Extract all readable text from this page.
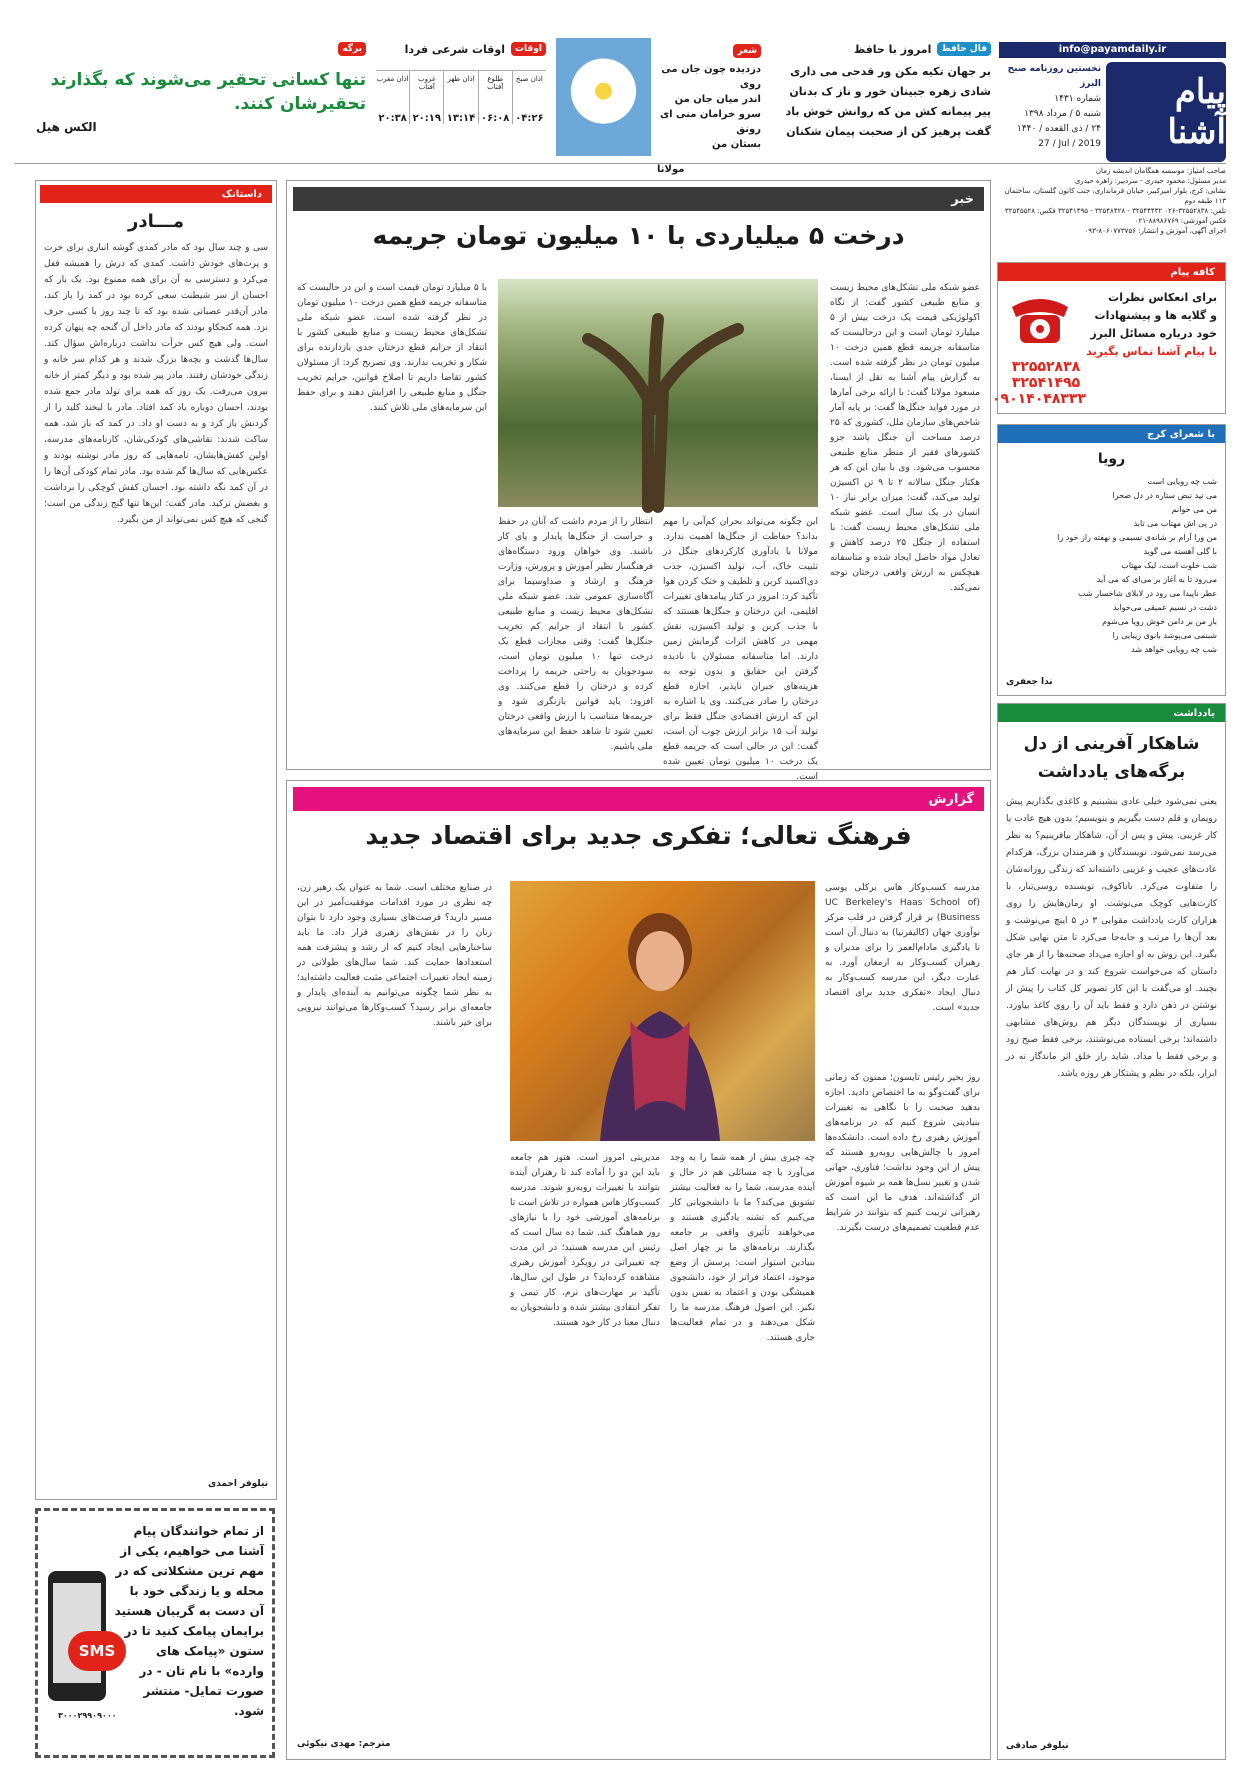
info@payamdaily.ir
پیام آشنا
نخستین روزنامه صبح البرز
شماره ۱۴۳۱
شنبه ۵ / مرداد ۱۳۹۸
۲۴ / ذی القعده / ۱۴۴۰
27 / Jul / 2019
صاحب امتیاز: موسسه همگامان اندیشه زمان
مدیر مسئول: محمود حیدری - سردبیر: زاهره حیدری
نشانی: کرج، بلوار امیرکبیر، خیابان فرمانداری، جنب کانون گلستان، ساختمان ۱۱۳ طبقه دوم
تلفن: ۳۲۵۵۲۸۳۸-۰۲۶ ۳۲۵۴۴۴۳۲ - ۳۲۵۴۸۴۲۸ - ۳۲۵۴۱۴۹۵ فکس: ۳۲۵۴۵۵۲۸
فکس آموزشی: ۸۸۹۸۶۷۶۹-۰۲۱
اجرای آگهی، آموزش و انتشار: ۸۰۶۰۷۷۳۷۵۶-۰۹۳
فال حافظ
امروز با حافظ
بر جهان تکیه مکن ور قدحی می داری
شادی زهره جبینان خور و ناز ک بدنان
پیر پیمانه کش من که روانش خوش باد
گفت پرهیز کن از صحبت پیمان شکنان
شعر
دزدیده چون جان می روی
اندر میان جان من
سرو خرامان منی ای رونق
بستان من
مولانا
اوقات
اوقات شرعی فردا
اذان صبح
۰۴:۲۶
طلوع آفتاب
۰۶:۰۸
اذان ظهر
۱۳:۱۴
غروب آفتاب
۲۰:۱۹
اذان مغرب
۲۰:۳۸
برگه
تنها کسانی تحقیر می‌شوند که بگذارند تحقیرشان کنند.
الکس هیل
کافه پیام
برای انعکاس نظرات
و گلایه ها و پیشنهادات
خود درباره مسائل البرز
با پیام آشنا تماس بگیرید
۳۲۵۵۲۸۳۸
۳۲۵۴۱۴۹۵
۰۹۰۱۴۰۴۸۳۳۳
با شعرای کرج
رویا
شب چه رویایی است
می تپد نبض ستاره در دل صحرا
من می خوانم
در پی اش مهتاب می تابد
من ورا آرام بر شانه‌ی نسیمی و نهفته راز خود را
با گلی آهسته می گوید
شب خلوت است، لیک مهتاب
می‌رود تا به آغاز بر می‌ای که می آید
عطر ناپیدا می رود در لابلای شاخسار شب
دشت در نسیم عمیقی می‌خوابد
باز من بر دامن خوش رویا می‌شوم
شبنمی می‌پوشد بانوی زیبایی را
شب چه رویایی خواهد شد
ندا جعفری
یادداشت
شاهکار آفرینی از دل برگه‌های یادداشت
یعنی نمی‌شود خیلی عادی بنشینیم و کاغذی بگذاریم پیش رویمان و قلم دست بگیریم و بنویسیم؛ بدون هیچ عادت یا کار غریبی. پیش و پس از آن، شاهکار بیافرینیم؟ به نظر می‌رسد نمی‌شود. نویسندگان و هنرمندان بزرگ، هرکدام عادت‌های عجیب و غریبی داشته‌اند که زندگی روزانه‌شان را متفاوت می‌کرد. ناباکوف، نویسنده روسی‌تبار، با کارت‌هایی کوچک می‌نوشت. او رمان‌هایش را روی هزاران کارت یادداشت مقوایی ۳ در ۵ اینچ می‌نوشت و بعد آن‌ها را مرتب و جابه‌جا می‌کرد تا متن نهایی شکل بگیرد. این روش به او اجازه می‌داد صحنه‌ها را از هر جای داستان که می‌خواست شروع کند و در نهایت کنار هم بچیند. او می‌گفت با این کار تصویر کل کتاب را پیش از نوشتن در ذهن دارد و فقط باید آن را روی کاغذ بیاورد. بسیاری از نویسندگان دیگر هم روش‌های مشابهی داشته‌اند؛ برخی ایستاده می‌نوشتند، برخی فقط صبح زود و برخی فقط با مداد. شاید راز خلق اثر ماندگار نه در ابزار، بلکه در نظم و پشتکار هر روزه باشد.
نیلوفر صادقی
خبر
درخت ۵ میلیاردی با ۱۰ میلیون تومان جریمه
عضو شبکه ملی تشکل‌های محیط زیست و منابع طبیعی کشور گفت: از نگاه اکولوژیکی قیمت یک درخت بیش از ۵ میلیارد تومان است و این درحالیست که متاسفانه جریمه قطع همین درخت ۱۰ میلیون تومان در نظر گرفته شده است. به گزارش پیام آشنا به نقل از ایسنا، مسعود مولانا گفت: با ارائه برخی آمارها در مورد فواید جنگل‌ها گفت: بر پایه آمار شاخص‌های سازمان ملل، کشوری که ۲۵ درصد مساحت آن جنگل باشد جزو کشورهای فقیر از منظر منابع طبیعی محسوب می‌شود. وی با بیان این که هر هکتار جنگل سالانه ۲ تا ۹ تن اکسیژن تولید می‌کند، گفت: میزان برابر نیاز ۱۰ انسان در یک سال است. عضو شبکه ملی تشکل‌های محیط زیست گفت: با استفاده از جنگل ۲۵ درصد کاهش و تعادل مواد حاصل ایجاد شده و متاسفانه هیچکس به ارزش واقعی درختان توجه نمی‌کند.
این چگونه می‌تواند بحران کم‌آبی را مهم بداند؟ حفاظت از جنگل‌ها اهمیت ندارد. مولانا با یادآوری کارکردهای جنگل در تثبیت خاک، آب، تولید اکسیژن، جذب دی‌اکسید کربن و تلطیف و خنک کردن هوا تأکید کرد: امروز در کنار پیامدهای تغییرات اقلیمی، این درختان و جنگل‌ها هستند که با جذب کربن و تولید اکسیژن، نقش مهمی در کاهش اثرات گرمایش زمین دارند. اما متاسفانه مسئولان با نادیده گرفتن این حقایق و بدون توجه به هزینه‌های جبران ناپذیر، اجازه قطع درختان را صادر می‌کنند. وی با اشاره به این که ارزش اقتصادی جنگل فقط برای تولید آب ۱۵ برابر ارزش چوب آن است، گفت: این در حالی است که جریمه قطع یک درخت ۱۰ میلیون تومان تعیین شده است.
انتظار را از مردم داشت که آنان در حفظ و حراست از جنگل‌ها پایدار و پای کار باشند. وی خواهان ورود دستگاه‌های فرهنگساز نظیر آموزش و پرورش، وزارت فرهنگ و ارشاد و صداوسیما برای آگاه‌سازی عمومی شد. عضو شبکه ملی تشکل‌های محیط زیست و منابع طبیعی کشور با انتقاد از جرایم کم تخریب جنگل‌ها گفت: وقتی مجازات قطع یک درخت تنها ۱۰ میلیون تومان است، سودجویان به راحتی جریمه را پرداخت کرده و درختان را قطع می‌کنند. وی افزود: باید قوانین بازنگری شود و جریمه‌ها متناسب با ارزش واقعی درختان تعیین شود تا شاهد حفظ این سرمایه‌های ملی باشیم.
با ۵ میلیارد تومان قیمت است و این در حالیست که متاسفانه جریمه قطع همین درخت ۱۰ میلیون تومان در نظر گرفته شده است. عضو شبکه ملی تشکل‌های محیط زیست و منابع طبیعی کشور با انتقاد از جرایم قطع درختان حدی بازدارنده برای شکار و تخریب ندارند. وی تصریح کرد: از مسئولان کشور تقاضا داریم تا اصلاح قوانین، جرایم تخریب جنگل و منابع طبیعی را افزایش دهند و برای حفظ این سرمایه‌های ملی تلاش کنند.
گزارش
فرهنگ تعالی؛ تفکری جدید برای اقتصاد جدید
مدرسه کسب‌وکار هاس برکلی یوسی (UC Berkeley's Haas School of Business) بر قرار گرفتن در قلب مرکز نوآوری جهان (کالیفرنیا) به دنبال آن است تا یادگیری مادام‌العمر را برای مدیران و رهبران کسب‌وکار به ارمغان آورد. به عبارت دیگر، این مدرسه کسب‌وکار به دنبال ایجاد «تفکری جدید برای اقتصاد جدید» است.
روز بخیر رئیس تایسون؛ ممنون که زمانی برای گفت‌وگو به ما اختصاص دادید. اجازه بدهید صحبت را با نگاهی به تغییرات بنیادینی شروع کنیم که در برنامه‌های آموزش رهبری رخ داده است. دانشکده‌ها امروز با چالش‌هایی روبه‌رو هستند که پیش از این وجود نداشت؛ فناوری، جهانی شدن و تغییر نسل‌ها همه بر شیوه آموزش اثر گذاشته‌اند. هدف ما این است که رهبرانی تربیت کنیم که بتوانند در شرایط عدم قطعیت تصمیم‌های درست بگیرند.
چه چیزی بیش از همه شما را به وجد می‌آورد یا چه مسائلی هم در حال و آینده مدرسه، شما را به فعالیت بیشتر تشویق می‌کند؟ ما با دانشجویانی کار می‌کنیم که تشنه یادگیری هستند و می‌خواهند تأثیری واقعی بر جامعه بگذارند. برنامه‌های ما بر چهار اصل بنیادین استوار است: پرسش از وضع موجود، اعتماد فراتر از خود، دانشجوی همیشگی بودن و اعتماد به نفس بدون تکبر. این اصول فرهنگ مدرسه ما را شکل می‌دهند و در تمام فعالیت‌ها جاری هستند.
مدیریتی امروز است. هنوز هم جامعه باید این دو را آماده کند تا رهبران آینده بتوانند با تغییرات روبه‌رو شوند. مدرسه کسب‌وکار هاس همواره در تلاش است تا برنامه‌های آموزشی خود را با نیازهای روز هماهنگ کند. شما ده سال است که رئیس این مدرسه هستید؛ در این مدت چه تغییراتی در رویکرد آموزش رهبری مشاهده کرده‌اید؟ در طول این سال‌ها، تأکید بر مهارت‌های نرم، کار تیمی و تفکر انتقادی بیشتر شده و دانشجویان به دنبال معنا در کار خود هستند.
در صنایع مختلف است. شما به عنوان یک رهبر زن، چه نظری در مورد اقدامات موفقیت‌آمیز در این مسیر دارید؟ فرصت‌های بسیاری وجود دارد تا بتوان زنان را در نقش‌های رهبری قرار داد. ما باید ساختارهایی ایجاد کنیم که از رشد و پیشرفت همه استعدادها حمایت کند. شما سال‌های طولانی در زمینه ایجاد تغییرات اجتماعی مثبت فعالیت داشته‌اید؛ به نظر شما چگونه می‌توانیم به آینده‌ای پایدار و جامعه‌ای برابر رسید؟ کسب‌وکارها می‌توانند نیرویی برای خیر باشند.
مترجم: مهدی نیکوئی
داستانک
مـــادر
سی و چند سال بود که مادر کمدی گوشه انباری برای خرت و پرت‌های خودش داشت. کمدی که درش را همیشه قفل می‌کرد و دسترسی به آن برای همه ممنوع بود. یک بار که احسان از سر شیطنت سعی کرده بود در کمد را باز کند، مادر آن‌قدر عصبانی شده بود که تا چند روز با کسی حرف نزد. همه کنجکاو بودند که مادر داخل آن گنجه چه پنهان کرده است. ولی هیچ کس جرأت نداشت درباره‌اش سؤال کند. سال‌ها گذشت و بچه‌ها بزرگ شدند و هر کدام سر خانه و زندگی خودشان رفتند. مادر پیر شده بود و دیگر کمتر از خانه بیرون می‌رفت. یک روز که همه برای تولد مادر جمع شده بودند، احسان دوباره یاد کمد افتاد. مادر با لبخند کلید را از گردنش باز کرد و به دست او داد. در کمد که باز شد، همه ساکت شدند: نقاشی‌های کودکی‌شان، کارنامه‌های مدرسه، اولین کفش‌هایشان، نامه‌هایی که روز مادر نوشته بودند و عکس‌هایی که سال‌ها گم شده بود. مادر تمام کودکی آن‌ها را در آن کمد نگه داشته بود. احسان کفش کوچکی را برداشت و بغضش ترکید. مادر گفت: این‌ها تنها گنج زندگی من است؛ گنجی که هیچ کس نمی‌تواند از من بگیرد.
نیلوفر احمدی
از تمام خوانندگان پیام آشنا می خواهیم، یکی از مهم ترین مشکلاتی که در محله و یا زندگی خود با آن دست به گریبان هستید برایمان پیامک کنید تا در ستون «پیامک های وارده» با نام تان - در صورت تمایل- منتشر شود.
SMS
۳۰۰۰۲۹۹۰۹۰۰۰
